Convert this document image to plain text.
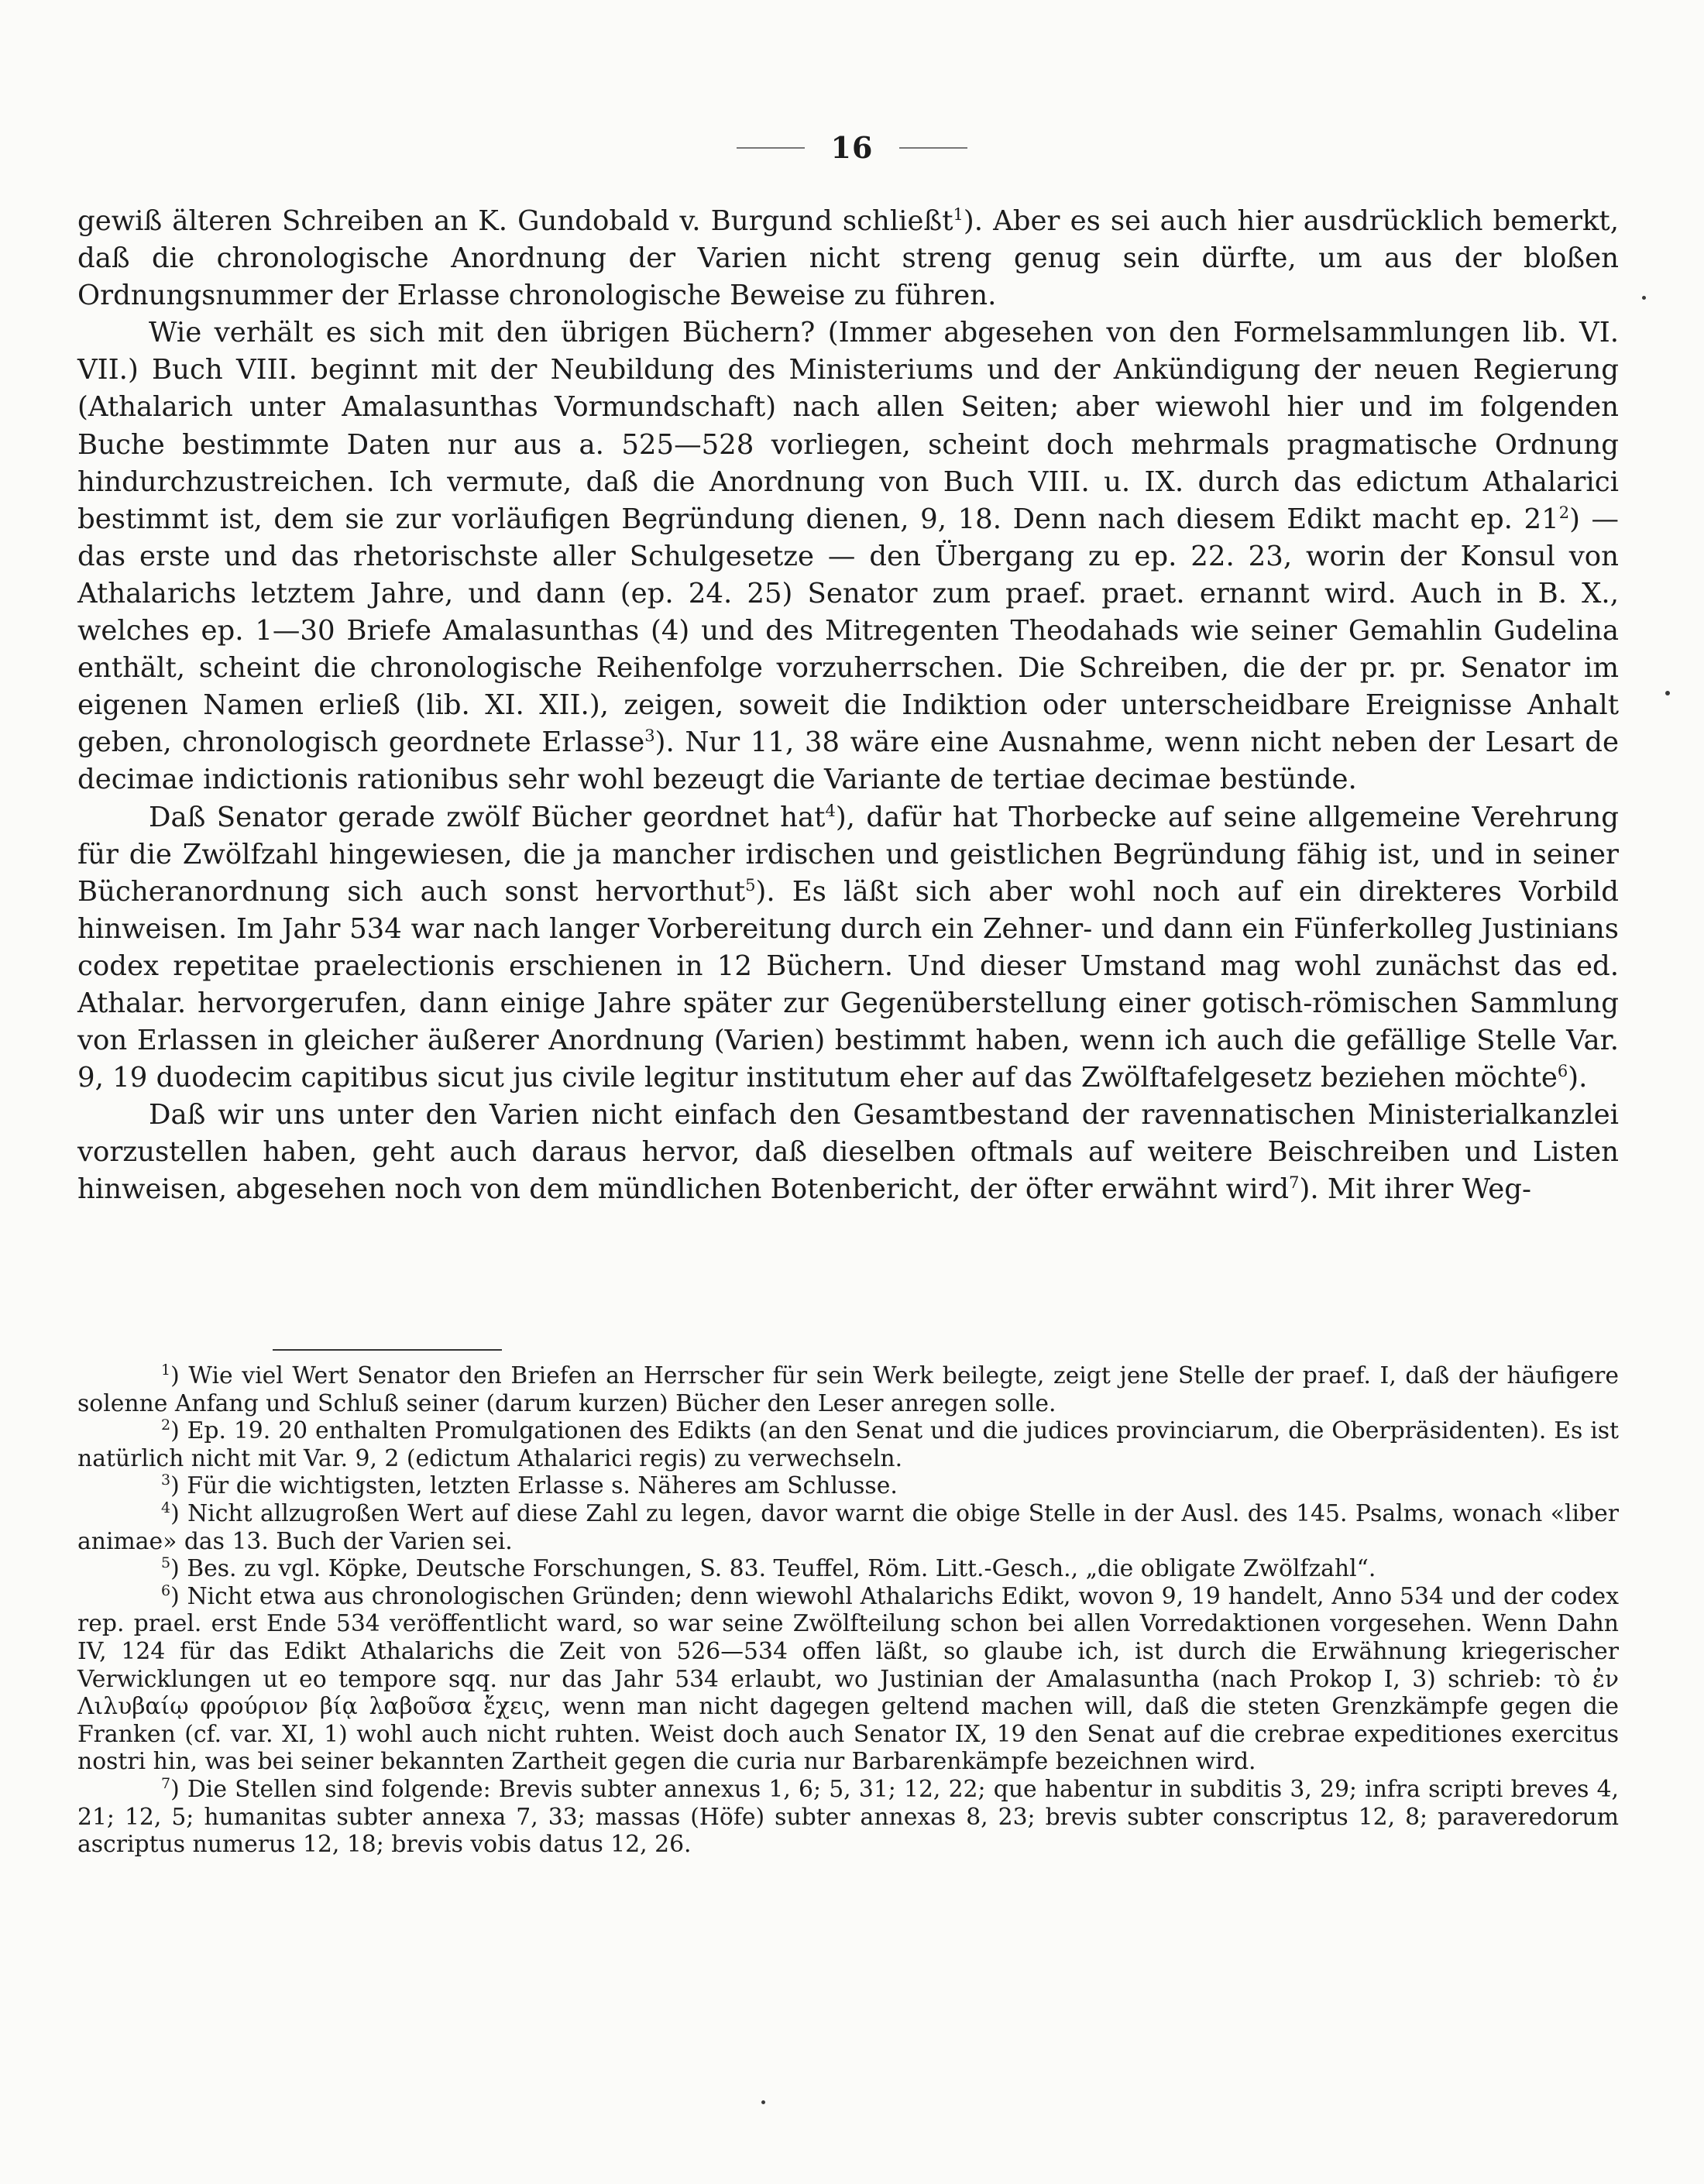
16

gewiß älteren Schreiben an K. Gundobald v. Burgund schließt$^1$). Aber es sei auch hier ausdrücklich bemerkt, daß die chronologische Anordnung der Varien nicht streng genug sein dürfte, um aus der bloßen Ordnungsnummer der Erlasse chronologische Beweise zu führen.

Wie verhält es sich mit den übrigen Büchern? (Immer abgesehen von den Formelsammlungen lib. VI. VII.) Buch VIII. beginnt mit der Neubildung des Ministeriums und der Ankündigung der neuen Regierung (Athalarich unter Amalasunthas Vormundschaft) nach allen Seiten; aber wiewohl hier und im folgenden Buche bestimmte Daten nur aus a. 525—528 vorliegen, scheint doch mehrmals pragmatische Ordnung hindurchzustreichen. Ich vermute, daß die Anordnung von Buch VIII. u. IX. durch das edictum Athalarici bestimmt ist, dem sie zur vorläufigen Begründung dienen, 9, 18. Denn nach diesem Edikt macht ep. $21^2$) — das erste und das rhetorischste aller Schulgesetze — den Übergang zu ep. 22. 23, worin der Konsul von Athalarichs letztem Jahre, und dann (ep. 24. 25) Senator zum praef. praet. ernannt wird. Auch in B. X., welches ep. 1—30 Briefe Amalasunthas (4) und des Mitregenten Theodahads wie seiner Gemahlin Gudelina enthält, scheint die chronologische Reihenfolge vorzuherrschen. Die Schreiben, die der pr. pr. Senator im eigenen Namen erließ (lib. XI. XII.), zeigen, soweit die Indiktion oder unterscheidbare Ereignisse Anhalt geben, chronologisch geordnete Erlasse$^3$). Nur 11, 38 wäre eine Ausnahme, wenn nicht neben der Lesart de decimae indictionis rationibus sehr wohl bezeugt die Variante de tertiae decimae bestünde.

Daß Senator gerade zwölf Bücher geordnet hat$^4$), dafür hat Thorbecke auf seine allgemeine Verehrung für die Zwölfzahl hingewiesen, die ja mancher irdischen und geistlichen Begründung fähig ist, und in seiner Bücheranordnung sich auch sonst hervorthut$^5$). Es läßt sich aber wohl noch auf ein direkteres Vorbild hinweisen. Im Jahr 534 war nach langer Vorbereitung durch ein Zehner- und dann ein Fünferkolleg Justinians codex repetitae praelectionis erschienen in 12 Büchern. Und dieser Umstand mag wohl zunächst das ed. Athalar. hervorgerufen, dann einige Jahre später zur Gegenüberstellung einer gotisch-römischen Sammlung von Erlassen in gleicher äußerer Anordnung (Varien) bestimmt haben, wenn ich auch die gefällige Stelle Var. 9, 19 duodecim capitibus sicut jus civile legitur institutum eher auf das Zwölftafelgesetz beziehen möchte$^6$).

Daß wir uns unter den Varien nicht einfach den Gesamtbestand der ravennatischen Ministerialkanzlei vorzustellen haben, geht auch daraus hervor, daß dieselben oftmals auf weitere Beischreiben und Listen hinweisen, abgesehen noch von dem mündlichen Botenbericht, der öfter erwähnt wird$^7$). Mit ihrer Weg-

$^1$) Wie viel Wert Senator den Briefen an Herrscher für sein Werk beilegte, zeigt jene Stelle der praef. I, daß der häufigere solenne Anfang und Schluß seiner (darum kurzen) Bücher den Leser anregen solle.

$^2$) Ep. 19. 20 enthalten Promulgationen des Edikts (an den Senat und die judices provinciarum, die Oberpräsidenten). Es ist natürlich nicht mit Var. 9, 2 (edictum Athalarici regis) zu verwechseln.

$^3$) Für die wichtigsten, letzten Erlasse s. Näheres am Schlusse.

$^4$) Nicht allzugroßen Wert auf diese Zahl zu legen, davor warnt die obige Stelle in der Ausl. des 145. Psalms, wonach «liber animae» das 13. Buch der Varien sei.

$^5$) Bes. zu vgl. Köpke, Deutsche Forschungen, S. 83. Teuffel, Röm. Litt.-Gesch., „die obligate Zwölfzahl“.

$^6$) Nicht etwa aus chronologischen Gründen; denn wiewohl Athalarichs Edikt, wovon 9, 19 handelt, Anno 534 und der codex rep. prael. erst Ende 534 veröffentlicht ward, so war seine Zwölfteilung schon bei allen Vorredaktionen vorgesehen. Wenn Dahn IV, 124 für das Edikt Athalarichs die Zeit von 526—534 offen läßt, so glaube ich, ist durch die Erwähnung kriegerischer Verwicklungen ut eo tempore sqq. nur das Jahr 534 erlaubt, wo Justinian der Amalasuntha (nach Prokop I, 3) schrieb: τὸ ἐν Λιλυβαίῳ φρούριον βίᾳ λαβοῦσα ἔχεις, wenn man nicht dagegen geltend machen will, daß die steten Grenzkämpfe gegen die Franken (cf. var. XI, 1) wohl auch nicht ruhten. Weist doch auch Senator IX, 19 den Senat auf die crebrae expeditiones exercitus nostri hin, was bei seiner bekannten Zartheit gegen die curia nur Barbarenkämpfe bezeichnen wird.

$^7$) Die Stellen sind folgende: Brevis subter annexus 1, 6; 5, 31; 12, 22; que habentur in subditis 3, 29; infra scripti breves 4, 21; 12, 5; humanitas subter annexa 7, 33; massas (Höfe) subter annexas 8, 23; brevis subter conscriptus 12, 8; paraveredorum ascriptus numerus 12, 18; brevis vobis datus 12, 26.
